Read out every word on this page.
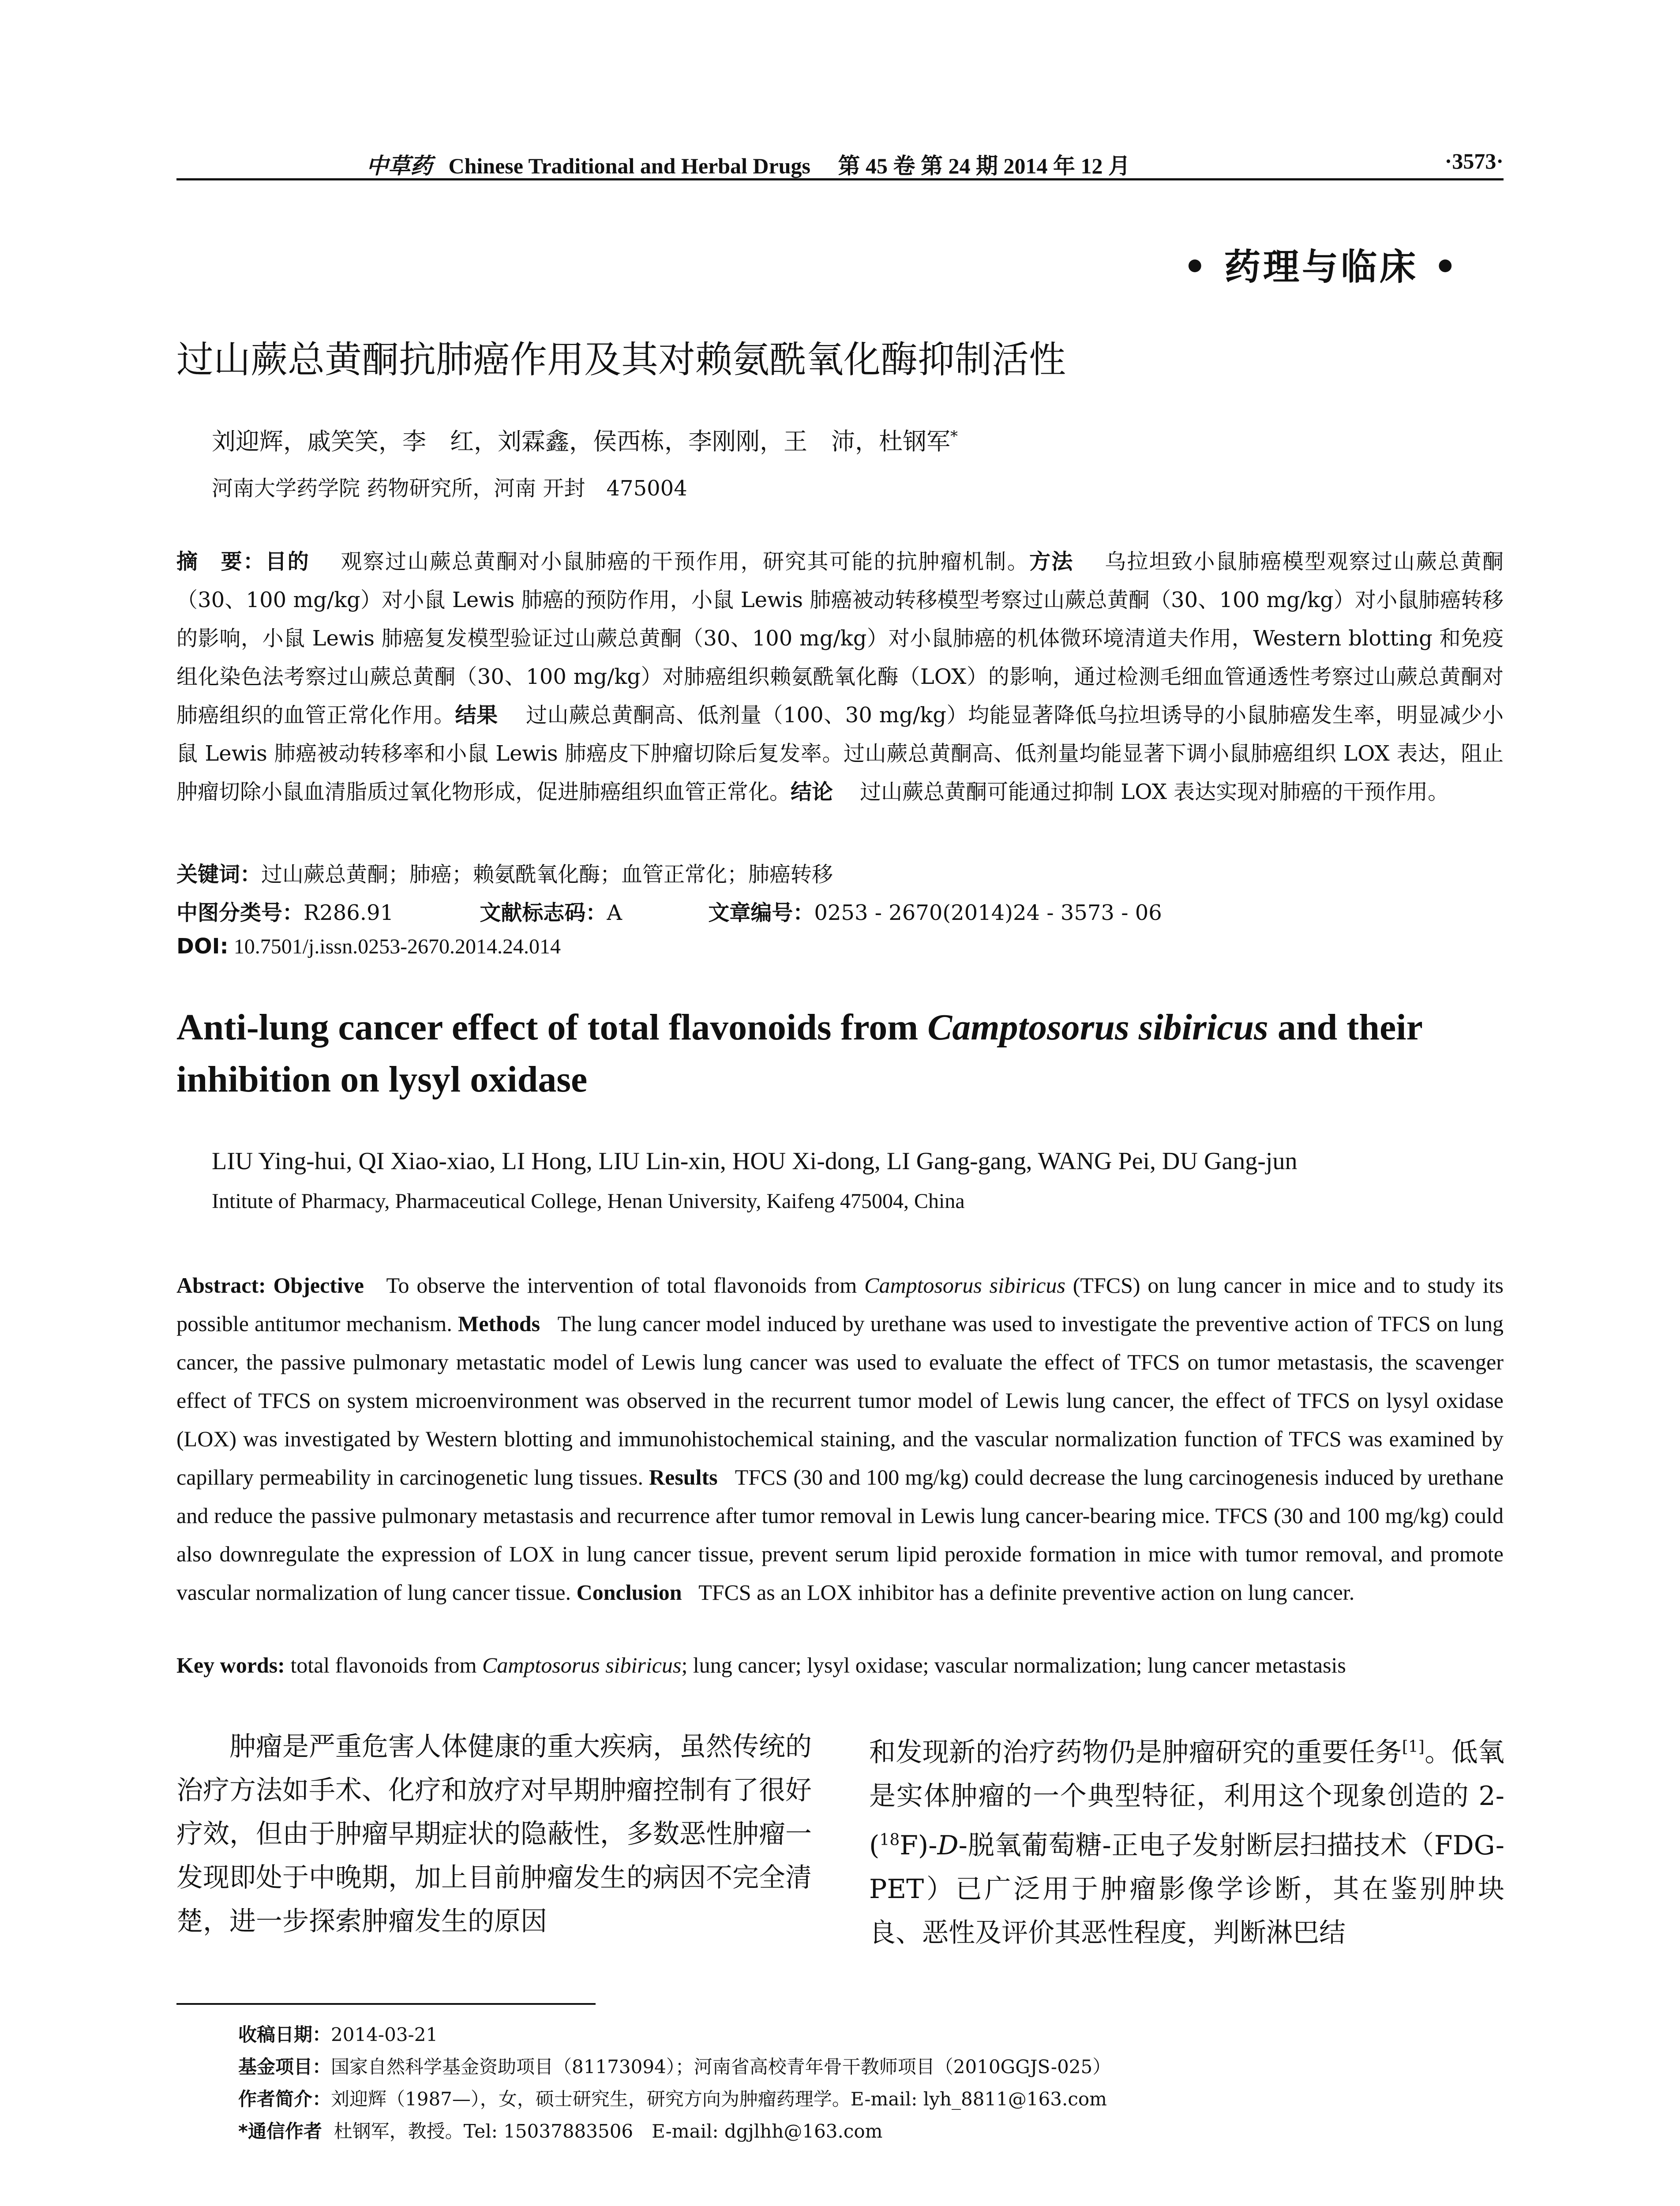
中草药 Chinese Traditional and Herbal Drugs 第 45 卷 第 24 期 2014 年 12 月	·3573·
• 药理与临床 •
过山蕨总黄酮抗肺癌作用及其对赖氨酰氧化酶抑制活性
刘迎辉，戚笑笑，李　红，刘霖鑫，侯西栋，李刚刚，王　沛，杜钢军*
河南大学药学院 药物研究所，河南 开封　475004
摘　要：目的 观察过山蕨总黄酮对小鼠肺癌的干预作用，研究其可能的抗肿瘤机制。方法 乌拉坦致小鼠肺癌模型观察过山蕨总黄酮（30、100 mg/kg）对小鼠 Lewis 肺癌的预防作用，小鼠 Lewis 肺癌被动转移模型考察过山蕨总黄酮（30、100 mg/kg）对小鼠肺癌转移的影响，小鼠 Lewis 肺癌复发模型验证过山蕨总黄酮（30、100 mg/kg）对小鼠肺癌的机体微环境清道夫作用，Western blotting 和免疫组化染色法考察过山蕨总黄酮（30、100 mg/kg）对肺癌组织赖氨酰氧化酶（LOX）的影响，通过检测毛细血管通透性考察过山蕨总黄酮对肺癌组织的血管正常化作用。结果 过山蕨总黄酮高、低剂量（100、30 mg/kg）均能显著降低乌拉坦诱导的小鼠肺癌发生率，明显减少小鼠 Lewis 肺癌被动转移率和小鼠 Lewis 肺癌皮下肿瘤切除后复发率。过山蕨总黄酮高、低剂量均能显著下调小鼠肺癌组织 LOX 表达，阻止肿瘤切除小鼠血清脂质过氧化物形成，促进肺癌组织血管正常化。结论 过山蕨总黄酮可能通过抑制 LOX 表达实现对肺癌的干预作用。
关键词：过山蕨总黄酮；肺癌；赖氨酰氧化酶；血管正常化；肺癌转移
中图分类号：R286.91	文献标志码：A	文章编号：0253 - 2670(2014)24 - 3573 - 06
DOI: 10.7501/j.issn.0253-2670.2014.24.014
Anti-lung cancer effect of total flavonoids from Camptosorus sibiricus and their inhibition on lysyl oxidase
LIU Ying-hui, QI Xiao-xiao, LI Hong, LIU Lin-xin, HOU Xi-dong, LI Gang-gang, WANG Pei, DU Gang-jun
Intitute of Pharmacy, Pharmaceutical College, Henan University, Kaifeng 475004, China
Abstract: Objective To observe the intervention of total flavonoids from Camptosorus sibiricus (TFCS) on lung cancer in mice and to study its possible antitumor mechanism. Methods The lung cancer model induced by urethane was used to investigate the preventive action of TFCS on lung cancer, the passive pulmonary metastatic model of Lewis lung cancer was used to evaluate the effect of TFCS on tumor metastasis, the scavenger effect of TFCS on system microenvironment was observed in the recurrent tumor model of Lewis lung cancer, the effect of TFCS on lysyl oxidase (LOX) was investigated by Western blotting and immunohistochemical staining, and the vascular normalization function of TFCS was examined by capillary permeability in carcinogenetic lung tissues. Results TFCS (30 and 100 mg/kg) could decrease the lung carcinogenesis induced by urethane and reduce the passive pulmonary metastasis and recurrence after tumor removal in Lewis lung cancer-bearing mice. TFCS (30 and 100 mg/kg) could also downregulate the expression of LOX in lung cancer tissue, prevent serum lipid peroxide formation in mice with tumor removal, and promote vascular normalization of lung cancer tissue. Conclusion TFCS as an LOX inhibitor has a definite preventive action on lung cancer.
Key words: total flavonoids from Camptosorus sibiricus; lung cancer; lysyl oxidase; vascular normalization; lung cancer metastasis
肿瘤是严重危害人体健康的重大疾病，虽然传统的治疗方法如手术、化疗和放疗对早期肿瘤控制有了很好疗效，但由于肿瘤早期症状的隐蔽性，多数恶性肿瘤一发现即处于中晚期，加上目前肿瘤发生的病因不完全清楚，进一步探索肿瘤发生的原因
和发现新的治疗药物仍是肿瘤研究的重要任务[1]。低氧是实体肿瘤的一个典型特征，利用这个现象创造的 2-($^{18}$F)-D-脱氧葡萄糖-正电子发射断层扫描技术（FDG-PET）已广泛用于肿瘤影像学诊断，其在鉴别肿块良、恶性及评价其恶性程度，判断淋巴结
收稿日期：2014-03-21
基金项目：国家自然科学基金资助项目（81173094）；河南省高校青年骨干教师项目（2010GGJS-025）
作者简介：刘迎辉（1987—），女，硕士研究生，研究方向为肿瘤药理学。E-mail: lyh_8811@163.com
*通信作者 杜钢军，教授。Tel: 15037883506　E-mail: dgjlhh@163.com
